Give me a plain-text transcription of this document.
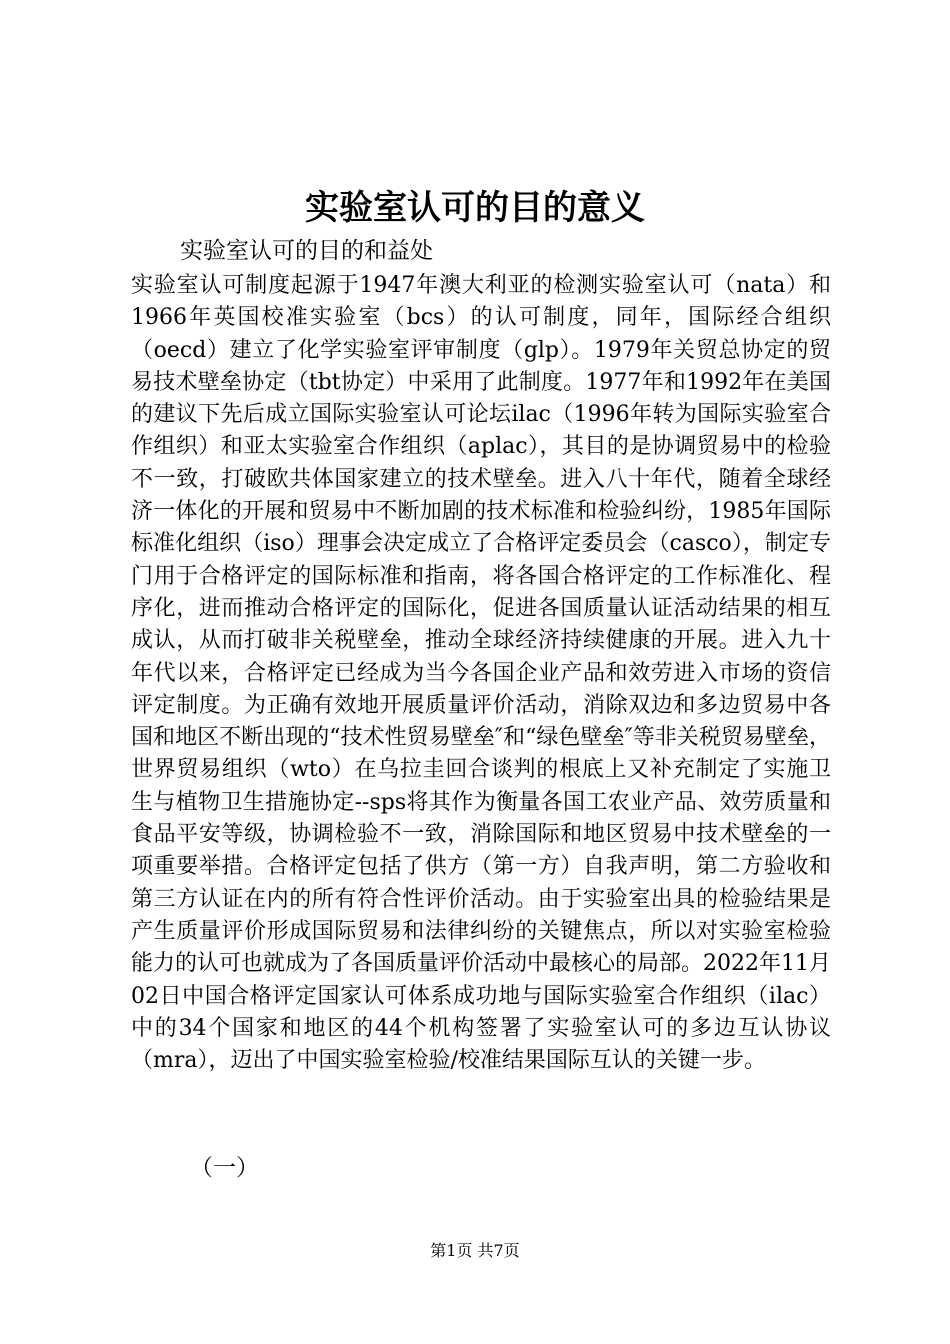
实验室认可的目的意义

实验室认可的目的和益处

实验室认可制度起源于1947年澳大利亚的检测实验室认可（nata）和1966年英国校准实验室（bcs）的认可制度，同年，国际经合组织（oecd）建立了化学实验室评审制度（glp）。1979年关贸总协定的贸易技术壁垒协定（tbt协定）中采用了此制度。1977年和1992年在美国的建议下先后成立国际实验室认可论坛ilac（1996年转为国际实验室合作组织）和亚太实验室合作组织（aplac），其目的是协调贸易中的检验不一致，打破欧共体国家建立的技术壁垒。进入八十年代，随着全球经济一体化的开展和贸易中不断加剧的技术标准和检验纠纷，1985年国际标准化组织（iso）理事会决定成立了合格评定委员会（casco），制定专门用于合格评定的国际标准和指南，将各国合格评定的工作标准化、程序化，进而推动合格评定的国际化，促进各国质量认证活动结果的相互成认，从而打破非关税壁垒，推动全球经济持续健康的开展。进入九十年代以来，合格评定已经成为当今各国企业产品和效劳进入市场的资信评定制度。为正确有效地开展质量评价活动，消除双边和多边贸易中各国和地区不断出现的“技术性贸易壁垒″和“绿色壁垒″等非关税贸易壁垒，世界贸易组织（wto）在乌拉圭回合谈判的根底上又补充制定了实施卫生与植物卫生措施协定--sps将其作为衡量各国工农业产品、效劳质量和食品平安等级，协调检验不一致，消除国际和地区贸易中技术壁垒的一项重要举措。合格评定包括了供方（第一方）自我声明，第二方验收和第三方认证在内的所有符合性评价活动。由于实验室出具的检验结果是产生质量评价形成国际贸易和法律纠纷的关键焦点，所以对实验室检验能力的认可也就成为了各国质量评价活动中最核心的局部。2022年11月02日中国合格评定国家认可体系成功地与国际实验室合作组织（ilac）中的34个国家和地区的44个机构签署了实验室认可的多边互认协议（mra），迈出了中国实验室检验/校准结果国际互认的关键一步。

（一）

第1页 共7页
